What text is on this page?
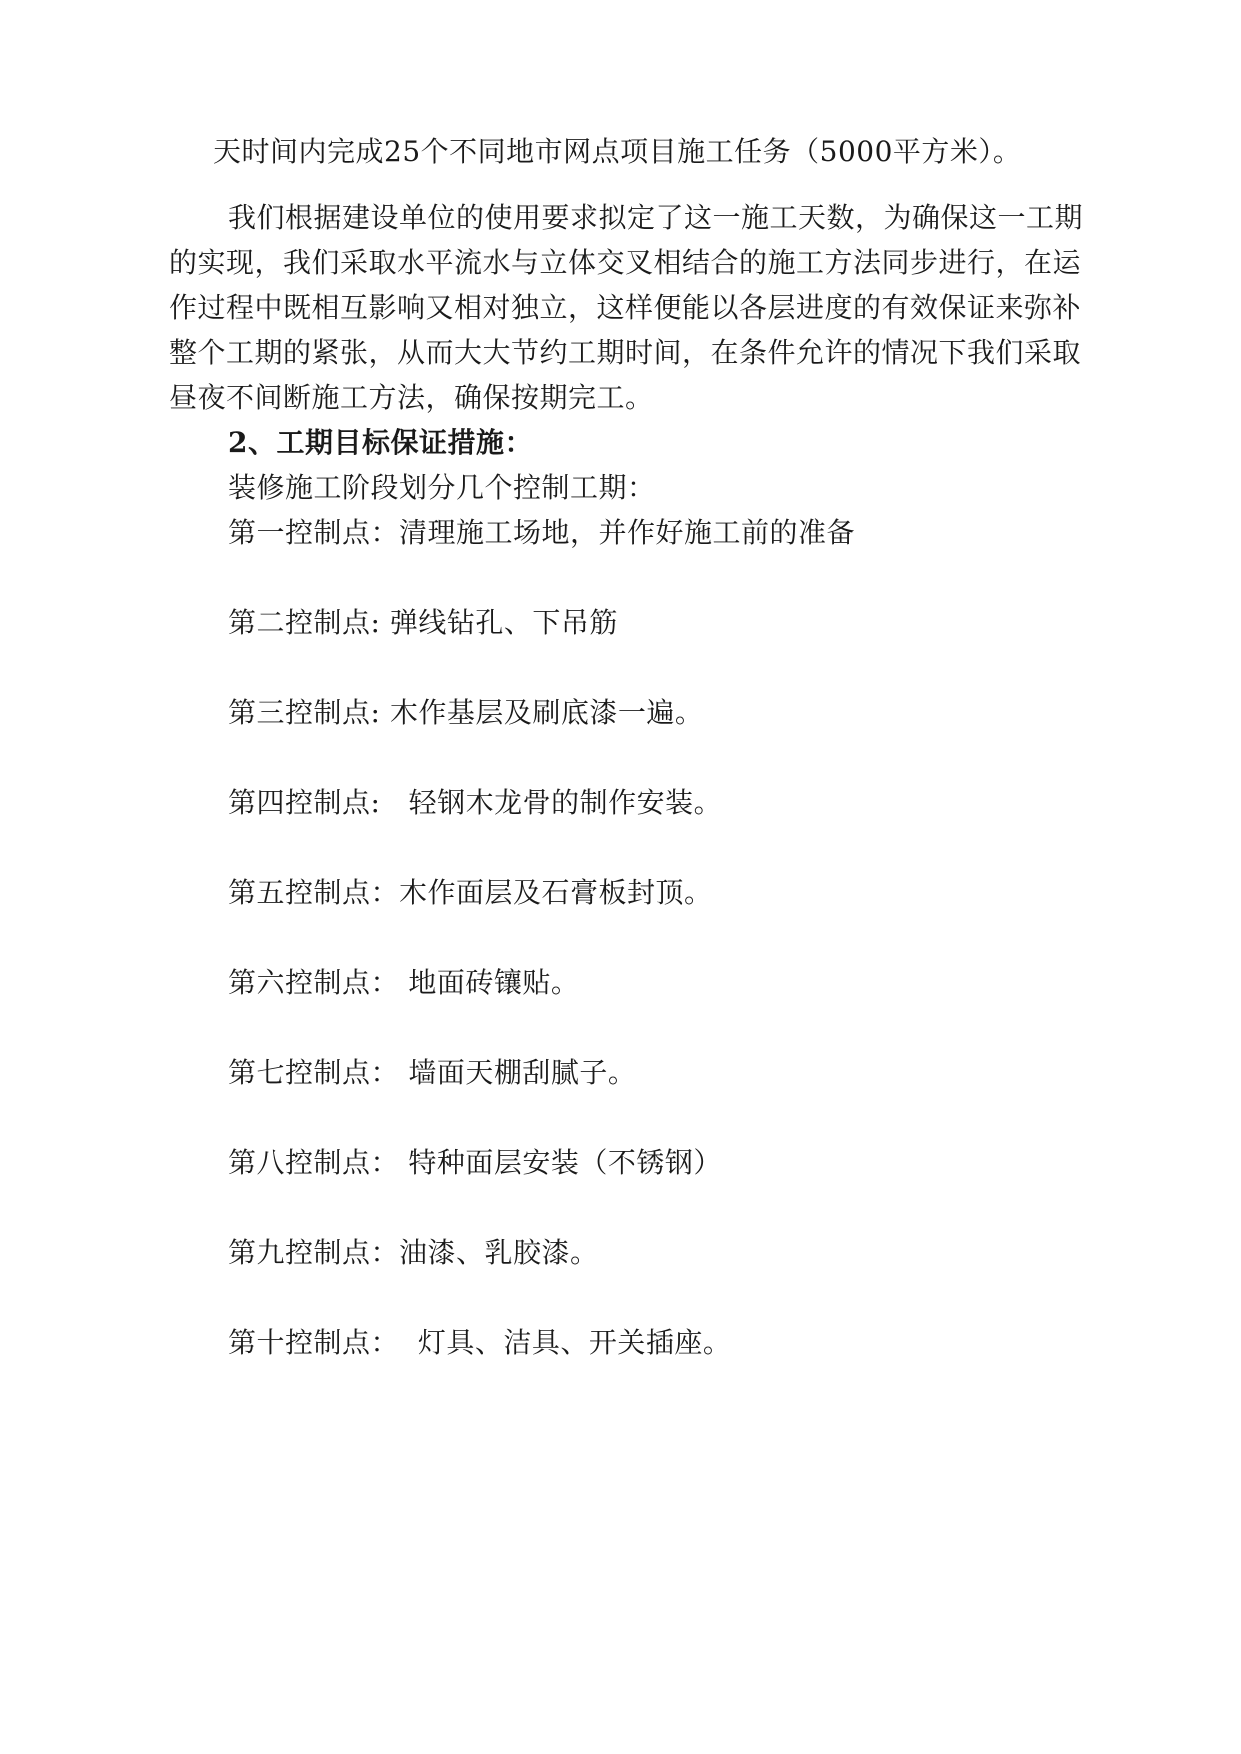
天时间内完成25个不同地市网点项目施工任务（5000平方米）。
我们根据建设单位的使用要求拟定了这一施工天数，为确保这一工期
的实现，我们采取水平流水与立体交叉相结合的施工方法同步进行，在运
作过程中既相互影响又相对独立，这样便能以各层进度的有效保证来弥补
整个工期的紧张，从而大大节约工期时间，在条件允许的情况下我们采取
昼夜不间断施工方法，确保按期完工。
2、工期目标保证措施：
装修施工阶段划分几个控制工期：
第一控制点：清理施工场地，并作好施工前的准备
第二控制点: 弹线钻孔、下吊筋
第三控制点: 木作基层及刷底漆一遍。
第四控制点: 轻钢木龙骨的制作安装。
第五控制点：木作面层及石膏板封顶。
第六控制点： 地面砖镶贴。
第七控制点： 墙面天棚刮腻子。
第八控制点： 特种面层安装（不锈钢）
第九控制点：油漆、乳胶漆。
第十控制点： 灯具、洁具、开关插座。
